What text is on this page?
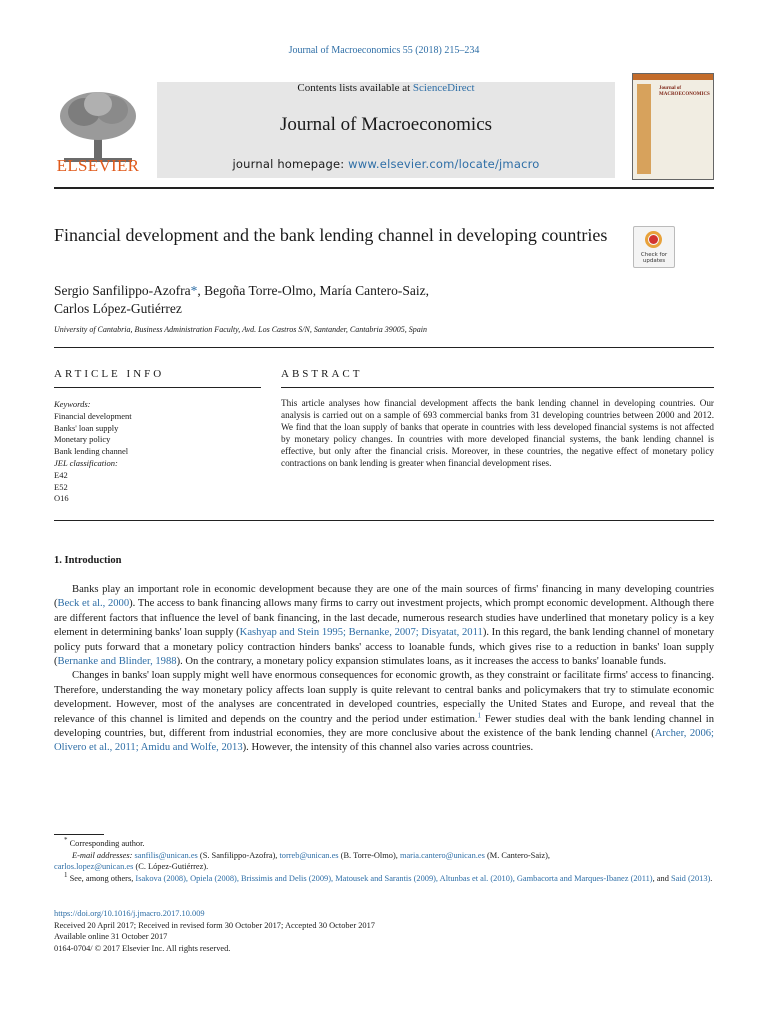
Journal of Macroeconomics 55 (2018) 215–234
ELSEVIER
Contents lists available at ScienceDirect
Journal of Macroeconomics
journal homepage: www.elsevier.com/locate/jmacro
Journal of MACROECONOMICS
Financial development and the bank lending channel in developing countries
Check for updates
Sergio Sanfilippo-Azofra*, Begoña Torre-Olmo, María Cantero-Saiz,
Carlos López-Gutiérrez
University of Cantabria, Business Administration Faculty, Avd. Los Castros S/N, Santander, Cantabria 39005, Spain
ARTICLE INFO
Keywords:
Financial development
Banks' loan supply
Monetary policy
Bank lending channel
JEL classification:
E42
E52
O16
ABSTRACT
This article analyses how financial development affects the bank lending channel in developing countries. Our analysis is carried out on a sample of 693 commercial banks from 31 developing countries between 2000 and 2012. We find that the loan supply of banks that operate in countries with less developed financial systems is not affected by monetary policy changes. In countries with more developed financial systems, the bank lending channel is effective, but only after the financial crisis. Moreover, in these countries, the negative effect of monetary policy contractions on bank lending is greater when financial development rises.
1. Introduction

Banks play an important role in economic development because they are one of the main sources of firms' financing in many developing countries (Beck et al., 2000). The access to bank financing allows many firms to carry out investment projects, which prompt economic development. Although there are different factors that influence the level of bank financing, in the last decade, numerous research studies have underlined that monetary policy is a key element in determining banks' loan supply (Kashyap and Stein 1995; Bernanke, 2007; Disyatat, 2011). In this regard, the bank lending channel of monetary policy puts forward that a monetary policy contraction hinders banks' access to loanable funds, which gives rise to a reduction in banks' loan supply (Bernanke and Blinder, 1988). On the contrary, a monetary policy expansion stimulates loans, as it increases the access to banks' loanable funds.

Changes in banks' loan supply might well have enormous consequences for economic growth, as they constraint or facilitate firms' access to financing. Therefore, understanding the way monetary policy affects loan supply is quite relevant to central banks and policymakers that try to stimulate economic development. However, most of the analyses are concentrated in developed countries, especially the United States and Europe, and reveal that the relevance of this channel is limited and depends on the country and the period under estimation.$^1$ Fewer studies deal with the bank lending channel in developing countries, but, different from industrial economies, they are more conclusive about the existence of the bank lending channel (Archer, 2006; Olivero et al., 2011; Amidu and Wolfe, 2013). However, the intensity of this channel also varies across countries.

* Corresponding author.
E-mail addresses: sanfilis@unican.es (S. Sanfilippo-Azofra), torreb@unican.es (B. Torre-Olmo), maria.cantero@unican.es (M. Cantero-Saiz),
carlos.lopez@unican.es (C. López-Gutiérrez).
$^1$ See, among others, Isakova (2008), Opiela (2008), Brissimis and Delis (2009), Matousek and Sarantis (2009), Altunbas et al. (2010), Gambacorta and Marques-Ibanez (2011), and Said (2013).
https://doi.org/10.1016/j.jmacro.2017.10.009
Received 20 April 2017; Received in revised form 30 October 2017; Accepted 30 October 2017
Available online 31 October 2017
0164-0704/ © 2017 Elsevier Inc. All rights reserved.
